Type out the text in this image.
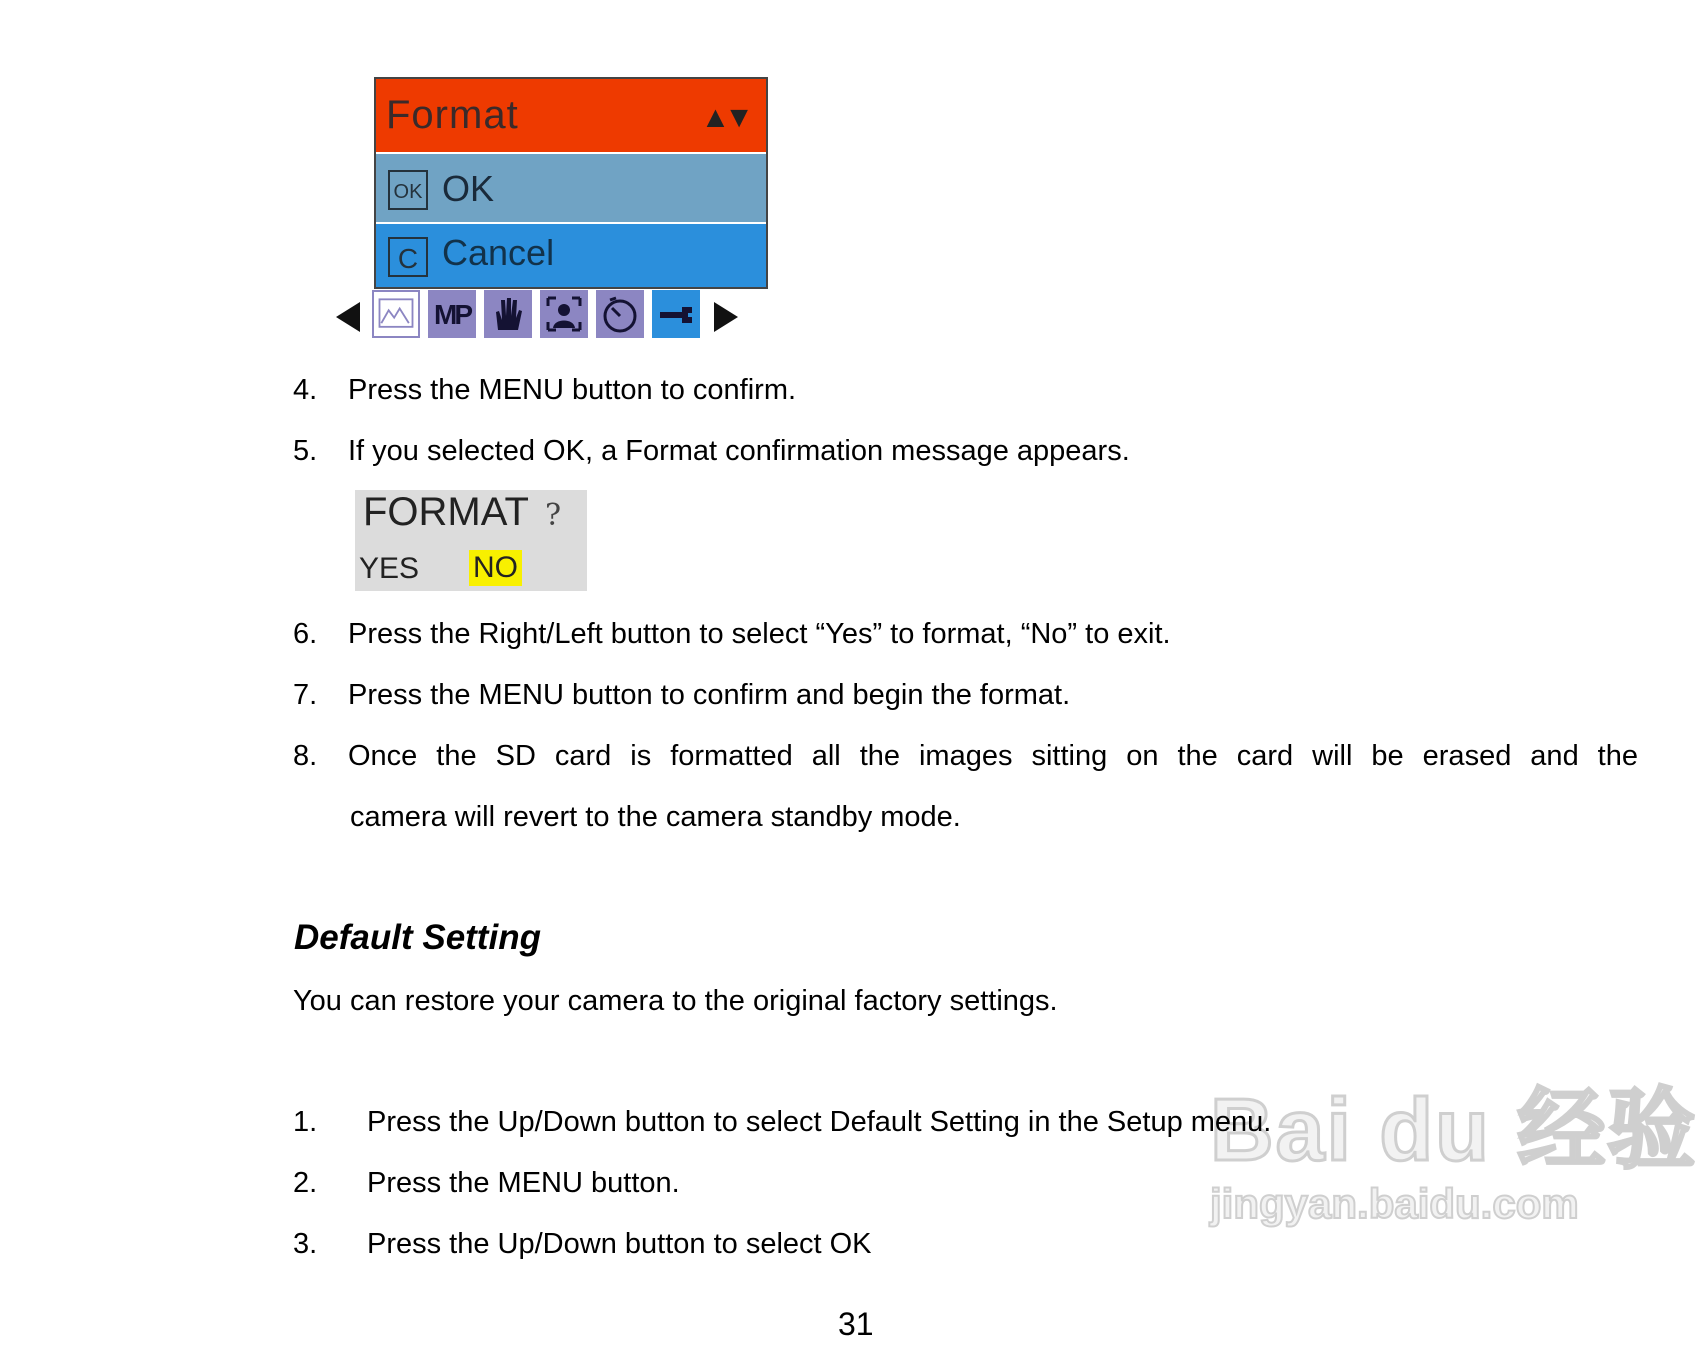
Format	▲▼
OK OK
C Cancel
MP
4. Press the MENU button to confirm.
5. If you selected OK, a Format confirmation message appears.
FORMAT ?
YES NO
6. Press the Right/Left button to select “Yes” to format, “No” to exit.
7. Press the MENU button to confirm and begin the format.
8. Once the SD card is formatted all the images sitting on the card will be erased and the
camera will revert to the camera standby mode.
Default Setting
You can restore your camera to the original factory settings.
Bai du 经验
jingyan.baidu.com
1. Press the Up/Down button to select Default Setting in the Setup menu.
2. Press the MENU button.
3. Press the Up/Down button to select OK
31
